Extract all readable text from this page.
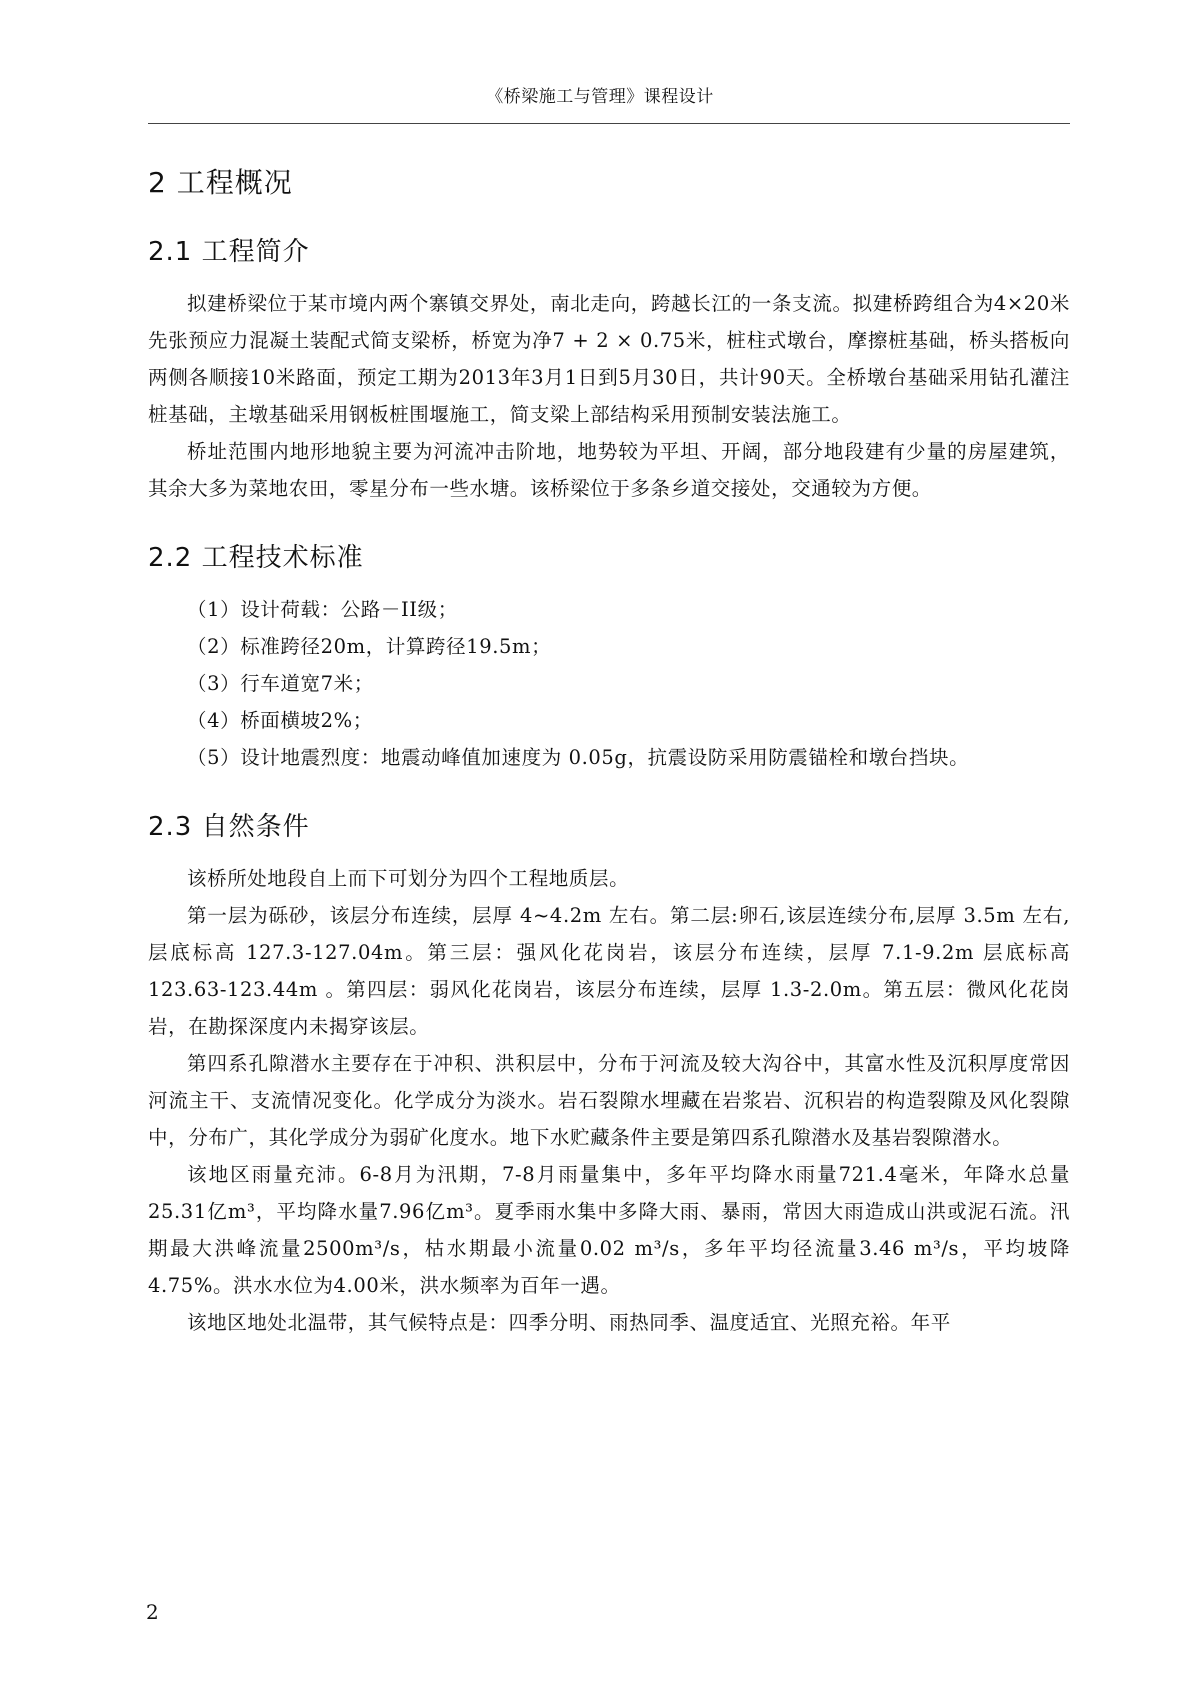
《桥梁施工与管理》课程设计
2 工程概况
2.1 工程简介

拟建桥梁位于某市境内两个寨镇交界处，南北走向，跨越长江的一条支流。拟建桥跨组合为4×20米先张预应力混凝土装配式简支梁桥，桥宽为净7 + 2 × 0.75米，桩柱式墩台，摩擦桩基础，桥头搭板向两侧各顺接10米路面，预定工期为2013年3月1日到5月30日，共计90天。全桥墩台基础采用钻孔灌注桩基础，主墩基础采用钢板桩围堰施工，简支梁上部结构采用预制安装法施工。

桥址范围内地形地貌主要为河流冲击阶地，地势较为平坦、开阔，部分地段建有少量的房屋建筑，其余大多为菜地农田，零星分布一些水塘。该桥梁位于多条乡道交接处，交通较为方便。

2.2 工程技术标准
（1）设计荷载：公路－II级；
（2）标准跨径20m，计算跨径19.5m；
（3）行车道宽7米；
（4）桥面横坡2%；
（5）设计地震烈度：地震动峰值加速度为 0.05g，抗震设防采用防震锚栓和墩台挡块。
2.3 自然条件

该桥所处地段自上而下可划分为四个工程地质层。

第一层为砾砂，该层分布连续，层厚 4~4.2m 左右。第二层:卵石,该层连续分布,层厚 3.5m 左右,层底标高 127.3-127.04m。第三层：强风化花岗岩，该层分布连续，层厚 7.1-9.2m 层底标高 123.63-123.44m 。第四层：弱风化花岗岩，该层分布连续，层厚 1.3-2.0m。第五层：微风化花岗岩，在勘探深度内未揭穿该层。

第四系孔隙潜水主要存在于冲积、洪积层中，分布于河流及较大沟谷中，其富水性及沉积厚度常因河流主干、支流情况变化。化学成分为淡水。岩石裂隙水埋藏在岩浆岩、沉积岩的构造裂隙及风化裂隙中，分布广，其化学成分为弱矿化度水。地下水贮藏条件主要是第四系孔隙潜水及基岩裂隙潜水。

该地区雨量充沛。6-8月为汛期，7-8月雨量集中，多年平均降水雨量721.4毫米，年降水总量25.31亿m³，平均降水量7.96亿m³。夏季雨水集中多降大雨、暴雨，常因大雨造成山洪或泥石流。汛期最大洪峰流量2500m³/s，枯水期最小流量0.02 m³/s，多年平均径流量3.46 m³/s，平均坡降4.75%。洪水水位为4.00米，洪水频率为百年一遇。

该地区地处北温带，其气候特点是：四季分明、雨热同季、温度适宜、光照充裕。年平

2
